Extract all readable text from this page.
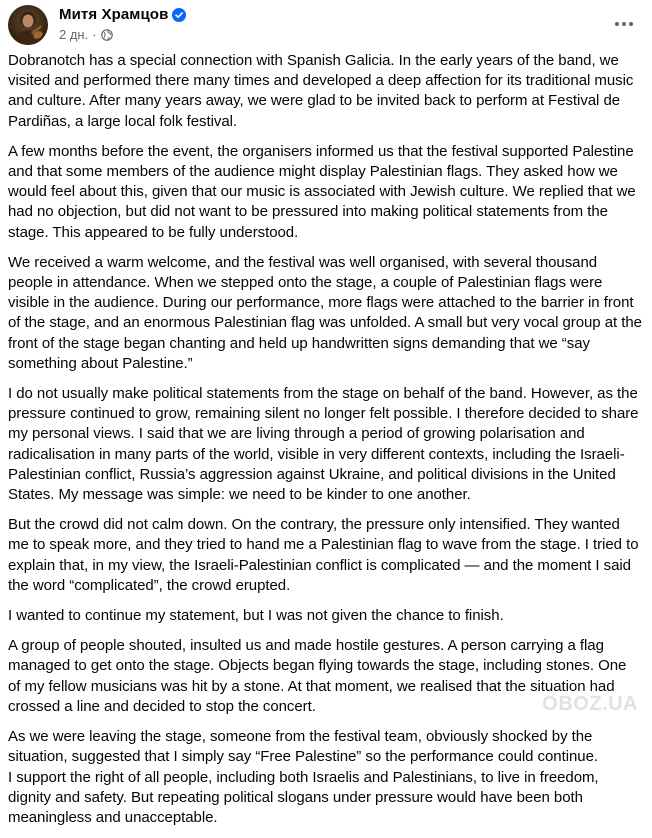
Митя Храмцов
2 дн. ·

Dobranotch has a special connection with Spanish Galicia. In the early years of the band, we visited and performed there many times and developed a deep affection for its traditional music and culture. After many years away, we were glad to be invited back to perform at Festival de Pardiñas, a large local folk festival.

A few months before the event, the organisers informed us that the festival supported Palestine and that some members of the audience might display Palestinian flags. They asked how we would feel about this, given that our music is associated with Jewish culture. We replied that we had no objection, but did not want to be pressured into making political statements from the stage. This appeared to be fully understood.

We received a warm welcome, and the festival was well organised, with several thousand people in attendance. When we stepped onto the stage, a couple of Palestinian flags were visible in the audience. During our performance, more flags were attached to the barrier in front of the stage, and an enormous Palestinian flag was unfolded. A small but very vocal group at the front of the stage began chanting and held up handwritten signs demanding that we “say something about Palestine.”

I do not usually make political statements from the stage on behalf of the band. However, as the pressure continued to grow, remaining silent no longer felt possible. I therefore decided to share my personal views. I said that we are living through a period of growing polarisation and radicalisation in many parts of the world, visible in very different contexts, including the Israeli-Palestinian conflict, Russia’s aggression against Ukraine, and political divisions in the United States. My message was simple: we need to be kinder to one another.

But the crowd did not calm down. On the contrary, the pressure only intensified. They wanted me to speak more, and they tried to hand me a Palestinian flag to wave from the stage. I tried to explain that, in my view, the Israeli-Palestinian conflict is complicated — and the moment I said the word “complicated”, the crowd erupted.

I wanted to continue my statement, but I was not given the chance to finish.

A group of people shouted, insulted us and made hostile gestures. A person carrying a flag managed to get onto the stage. Objects began flying towards the stage, including stones. One of my fellow musicians was hit by a stone. At that moment, we realised that the situation had crossed a line and decided to stop the concert.

As we were leaving the stage, someone from the festival team, obviously shocked by the situation, suggested that I simply say “Free Palestine” so the performance could continue.

I support the right of all people, including both Israelis and Palestinians, to live in freedom, dignity and safety. But repeating political slogans under pressure would have been both meaningless and unacceptable.

OBOZ.UA
